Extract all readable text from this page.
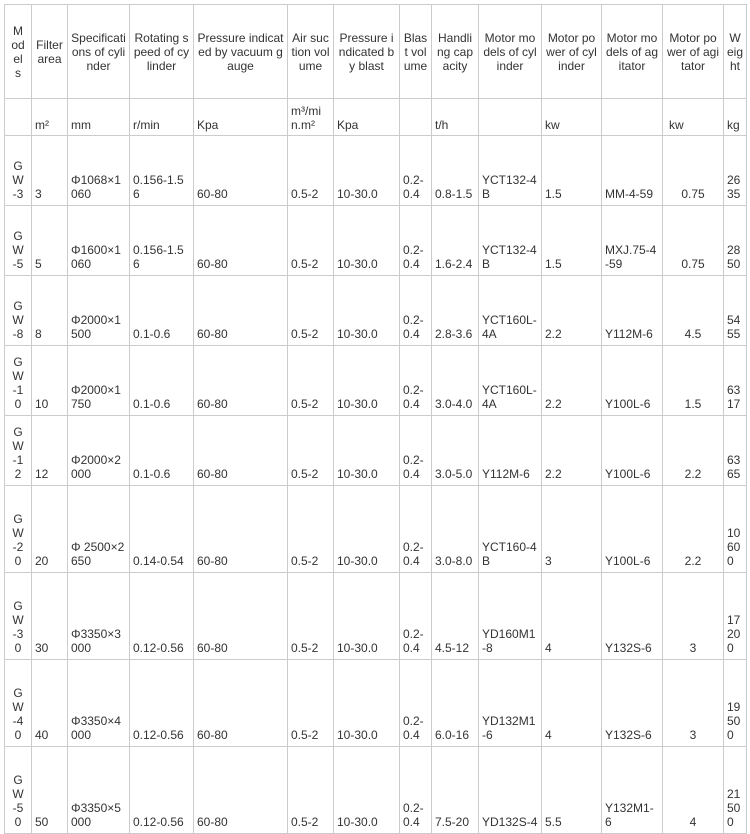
Models	Filter area	Specifications of cylinder	Rotating speed of cylinder	Pressure indicated by vacuum gauge	Air suction volume	Pressure indicated by blast	Blast volume	Handling capacity	Motor models of cylinder	Motor power of cylinder	Motor models of agitator	Motor power of agitator	Weight
	m²	mm	r/min	Kpa	m³/min.m²	Kpa		t/h		kw		kw	kg
GW-3	3	Φ1068×1060	0.156-1.56	60-80	0.5-2	10-30.0	0.2-0.4	0.8-1.5	YCT132-4B	1.5	MM-4-59	0.75	2635
GW-5	5	Φ1600×1060	0.156-1.56	60-80	0.5-2	10-30.0	0.2-0.4	1.6-2.4	YCT132-4B	1.5	MXJ.75-4-59	0.75	2850
GW-8	8	Φ2000×1500	0.1-0.6	60-80	0.5-2	10-30.0	0.2-0.4	2.8-3.6	YCT160L-4A	2.2	Y112M-6	4.5	5455
GW-10	10	Φ2000×1750	0.1-0.6	60-80	0.5-2	10-30.0	0.2-0.4	3.0-4.0	YCT160L-4A	2.2	Y100L-6	1.5	6317
GW-12	12	Φ2000×2000	0.1-0.6	60-80	0.5-2	10-30.0	0.2-0.4	3.0-5.0	Y112M-6	2.2	Y100L-6	2.2	6365
GW-20	20	Φ 2500×2650	0.14-0.54	60-80	0.5-2	10-30.0	0.2-0.4	3.0-8.0	YCT160-4B	3	Y100L-6	2.2	10600
GW-30	30	Φ3350×3000	0.12-0.56	60-80	0.5-2	10-30.0	0.2-0.4	4.5-12	YD160M1-8	4	Y132S-6	3	17200
GW-40	40	Φ3350×4000	0.12-0.56	60-80	0.5-2	10-30.0	0.2-0.4	6.0-16	YD132M1-6	4	Y132S-6	3	19500
GW-50	50	Φ3350×5000	0.12-0.56	60-80	0.5-2	10-30.0	0.2-0.4	7.5-20	YD132S-4	5.5	Y132M1-6	4	21500
